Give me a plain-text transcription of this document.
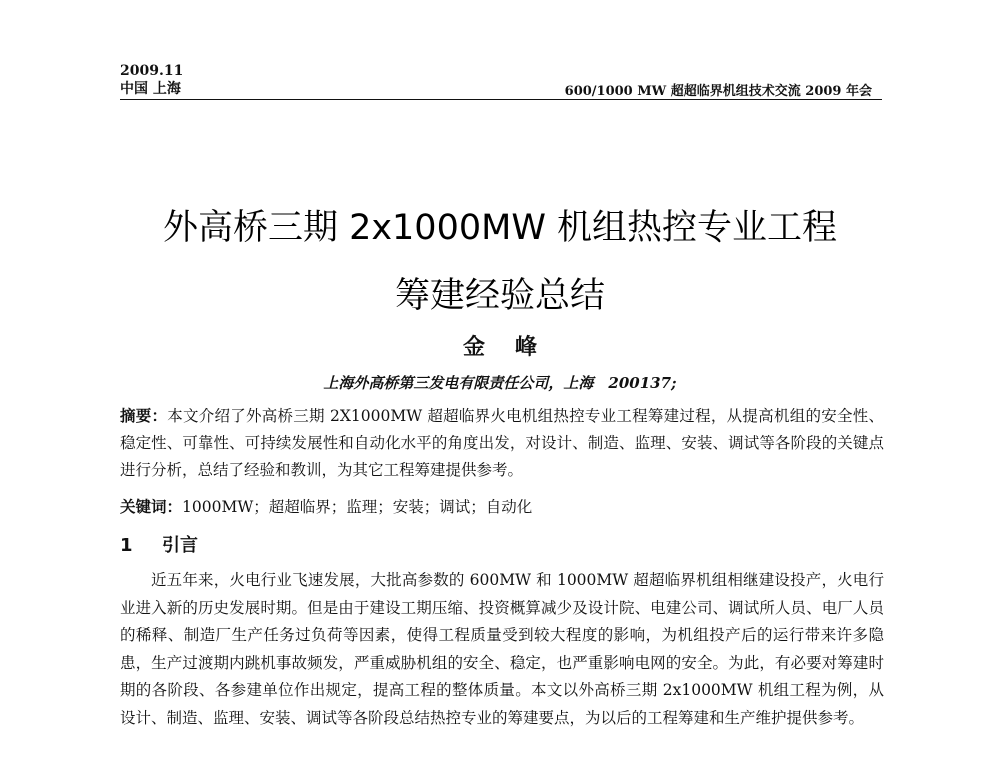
2009.11
中国 上海	600/1000 MW 超超临界机组技术交流 2009 年会
外高桥三期 2x1000MW 机组热控专业工程
筹建经验总结
金峰
上海外高桥第三发电有限责任公司，上海　200137;
摘要：本文介绍了外高桥三期 2X1000MW 超超临界火电机组热控专业工程筹建过程，从提高机组的安全性、稳定性、可靠性、可持续发展性和自动化水平的角度出发，对设计、制造、监理、安装、调试等各阶段的关键点进行分析，总结了经验和教训，为其它工程筹建提供参考。
关键词：1000MW；超超临界；监理；安装；调试；自动化
1 引言
近五年来，火电行业飞速发展，大批高参数的 600MW 和 1000MW 超超临界机组相继建设投产，火电行业进入新的历史发展时期。但是由于建设工期压缩、投资概算减少及设计院、电建公司、调试所人员、电厂人员的稀释、制造厂生产任务过负荷等因素，使得工程质量受到较大程度的影响，为机组投产后的运行带来许多隐患，生产过渡期内跳机事故频发，严重威胁机组的安全、稳定，也严重影响电网的安全。为此，有必要对筹建时期的各阶段、各参建单位作出规定，提高工程的整体质量。本文以外高桥三期 2x1000MW 机组工程为例，从设计、制造、监理、安装、调试等各阶段总结热控专业的筹建要点，为以后的工程筹建和生产维护提供参考。
